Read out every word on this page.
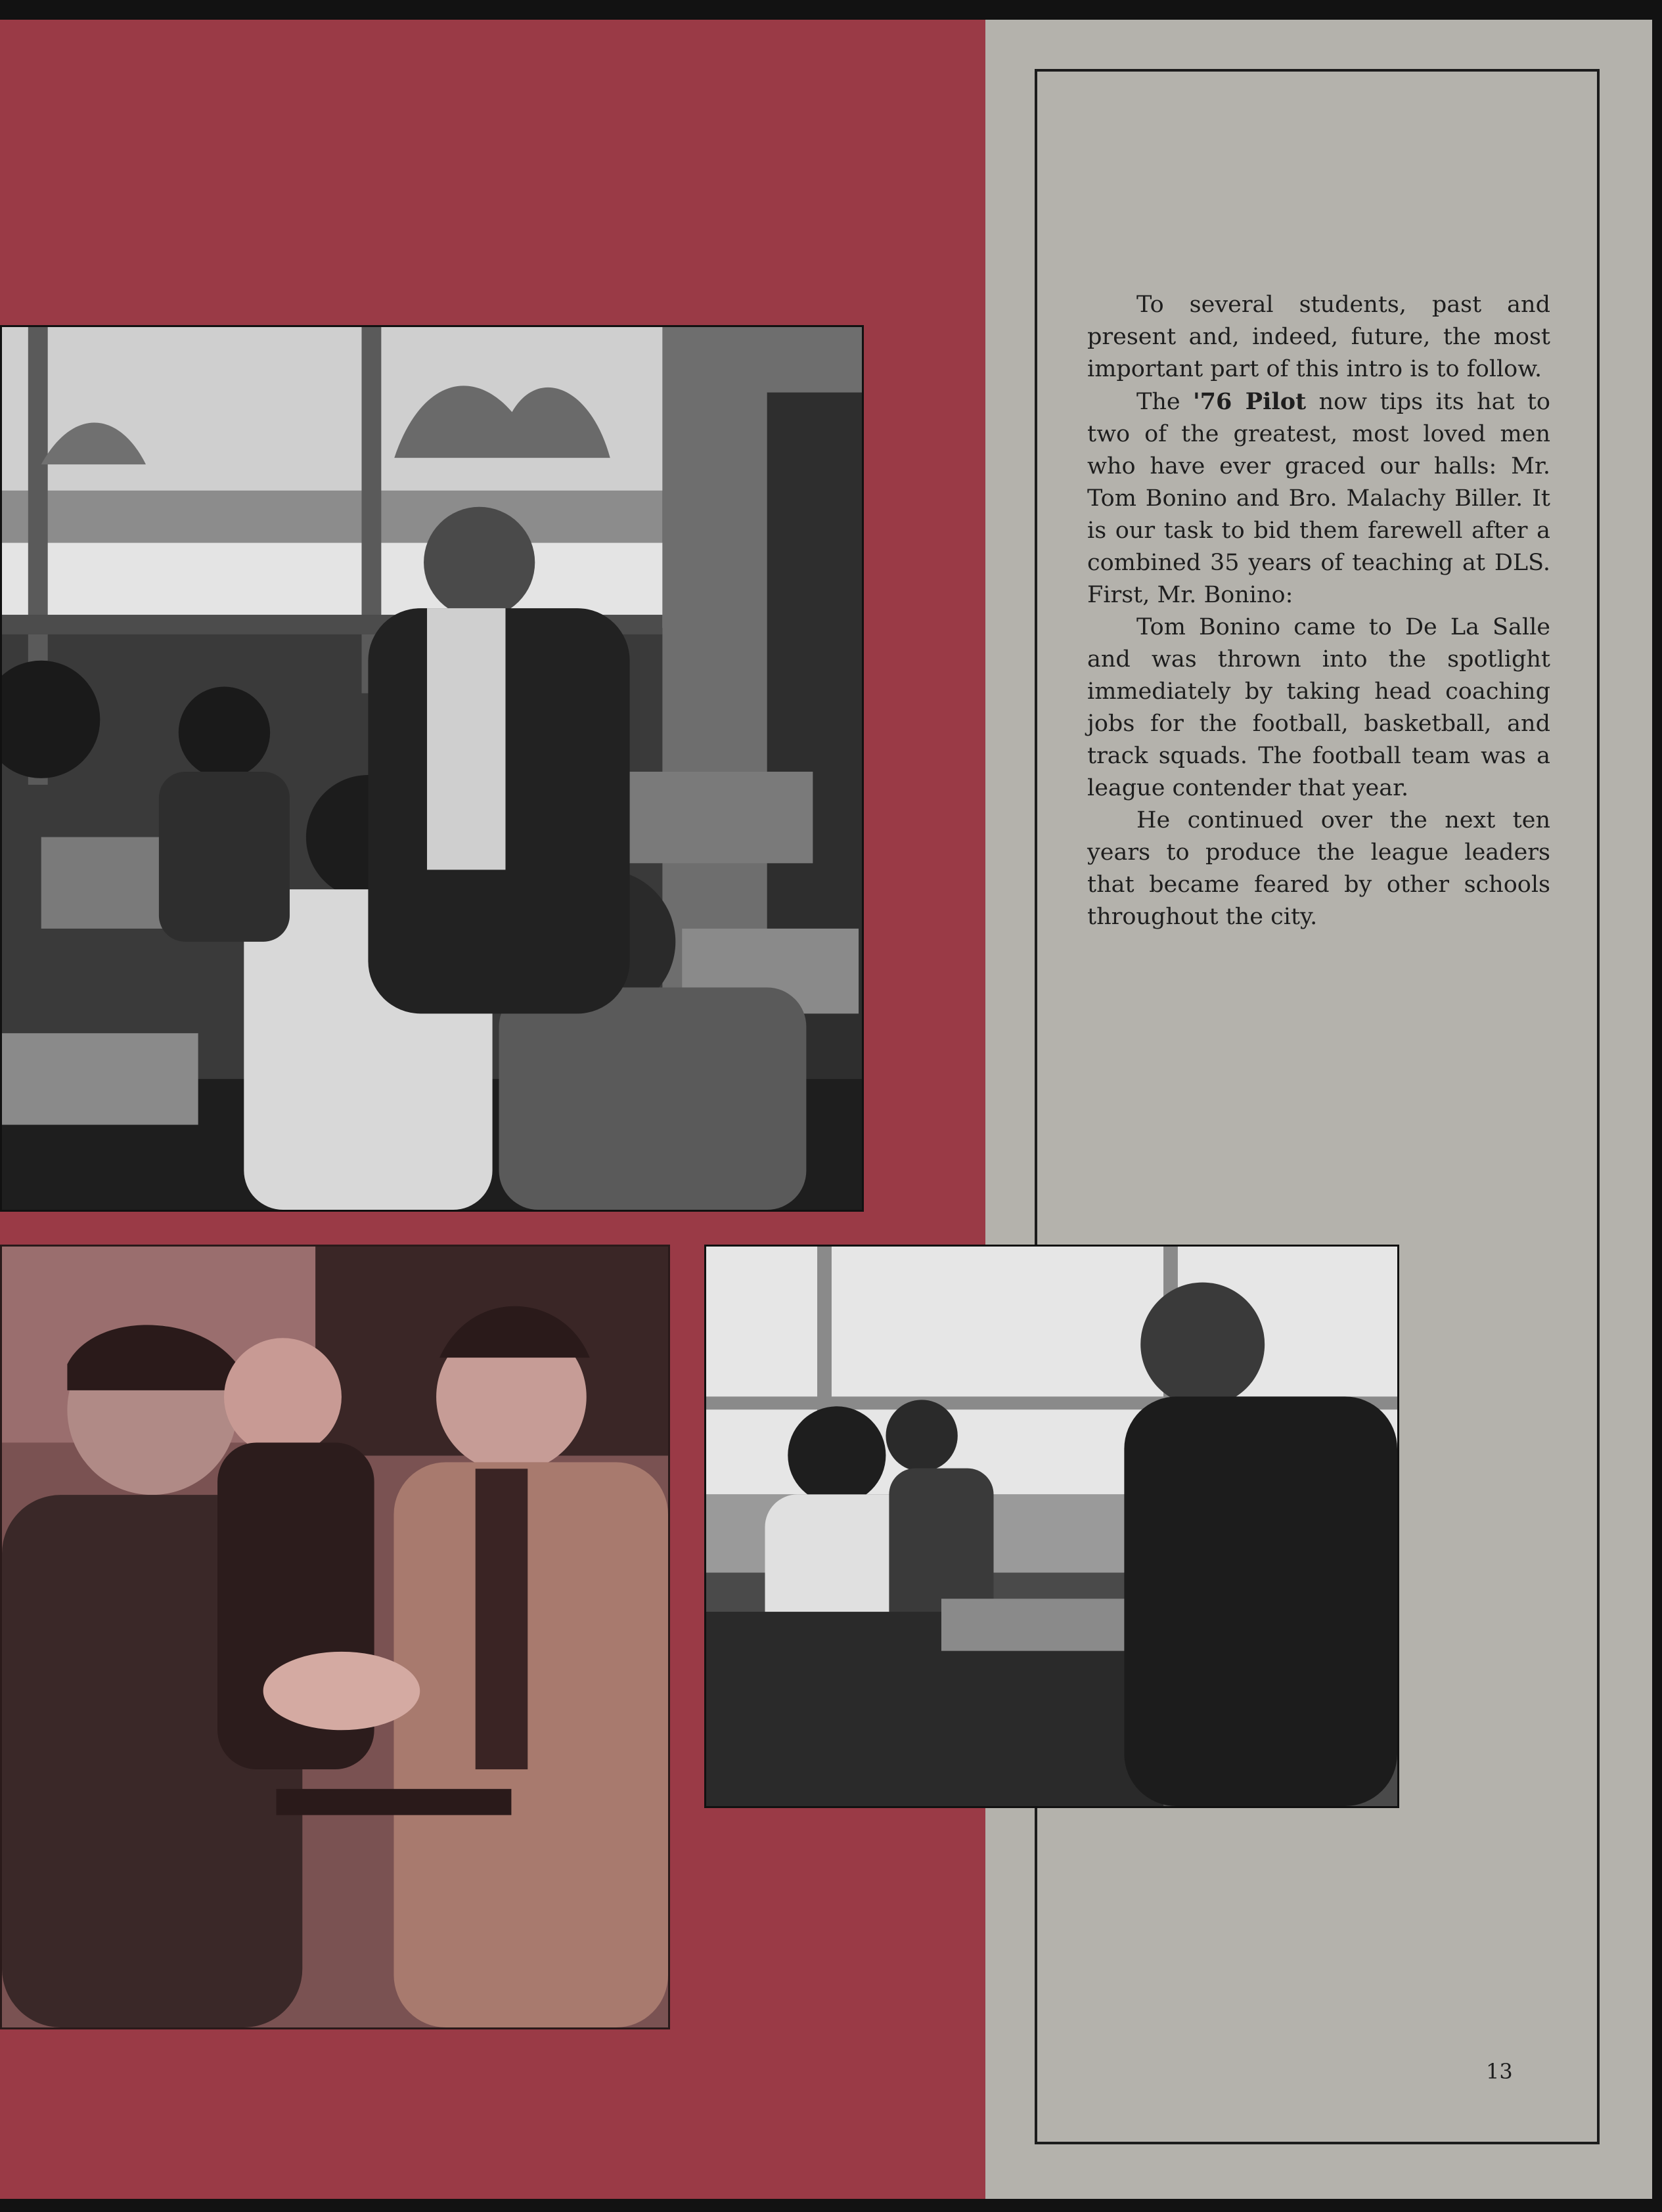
To several students, past and present and, indeed, future, the most important part of this intro is to follow.

The '76 Pilot now tips its hat to two of the greatest, most loved men who have ever graced our halls: Mr. Tom Bonino and Bro. Malachy Biller. It is our task to bid them farewell after a combined 35 years of teaching at DLS. First, Mr. Bonino:

Tom Bonino came to De La Salle and was thrown into the spotlight immediately by taking head coaching jobs for the football, basketball, and track squads. The football team was a league contender that year.

He continued over the next ten years to produce the league leaders that became feared by other schools throughout the city.

13
